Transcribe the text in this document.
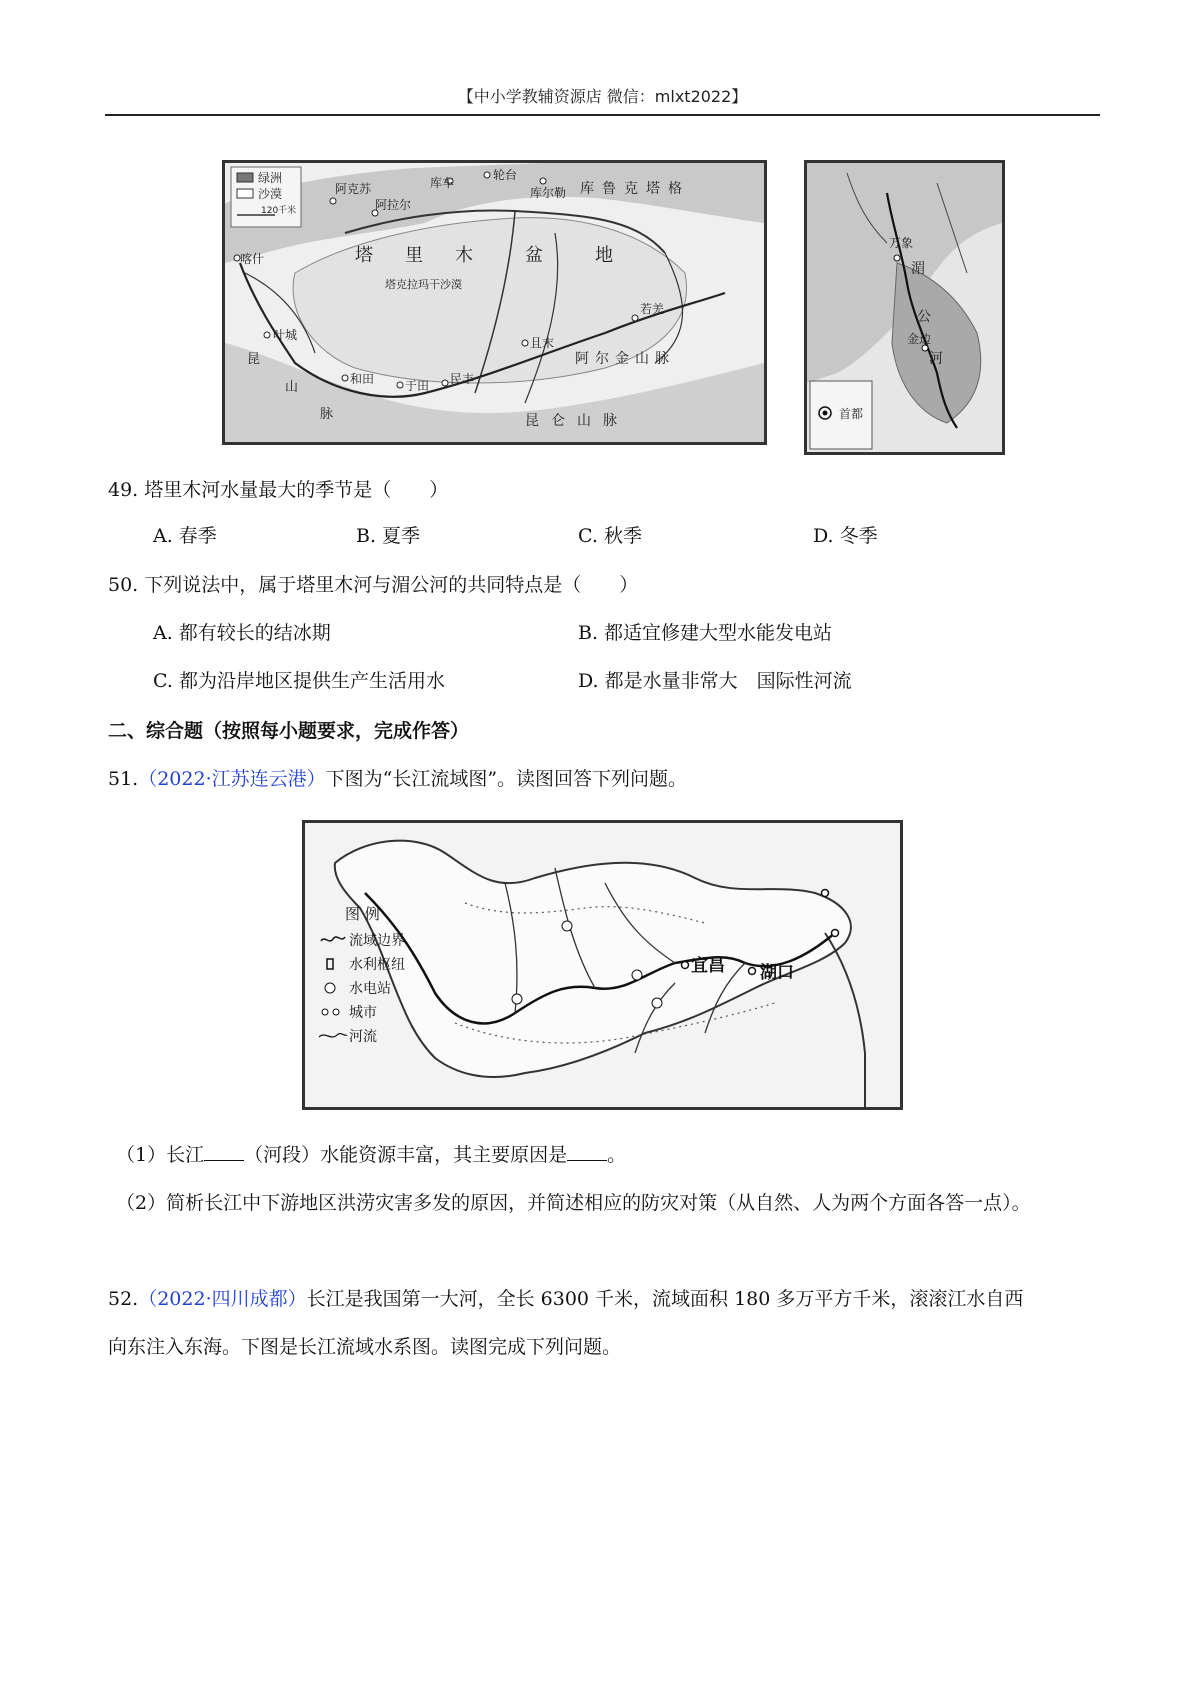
【中小学教辅资源店 微信：mlxt2022】
绿洲
沙漠
120千米
塔 里 木	盆	地
塔克拉玛干沙漠
阿克苏
阿拉尔
库车
轮台
库尔勒 库鲁克塔格
喀什
叶城
和田	于田 民丰
且末
若羌
阿尔金山脉
昆仑山脉
昆
山
脉
万象
湄
公
河
金边
首都
49. 塔里木河水量最大的季节是（　　）
A. 春季	B. 夏季	C. 秋季	D. 冬季
50. 下列说法中，属于塔里木河与湄公河的共同特点是（　　）
A. 都有较长的结冰期	B. 都适宜修建大型水能发电站
C. 都为沿岸地区提供生产生活用水	D. 都是水量非常大　国际性河流
二、综合题（按照每小题要求，完成作答）
51.（2022·江苏连云港）下图为“长江流域图”。读图回答下列问题。
宜昌 湖口
图 例
流域边界
水利枢纽
水电站
城市
河流
（1）长江 （河段）水能资源丰富，其主要原因是 。
（2）简析长江中下游地区洪涝灾害多发的原因，并简述相应的防灾对策（从自然、人为两个方面各答一点）。
52.（2022·四川成都）长江是我国第一大河，全长 6300 千米，流域面积 180 多万平方千米，滚滚江水自西
向东注入东海。下图是长江流域水系图。读图完成下列问题。
